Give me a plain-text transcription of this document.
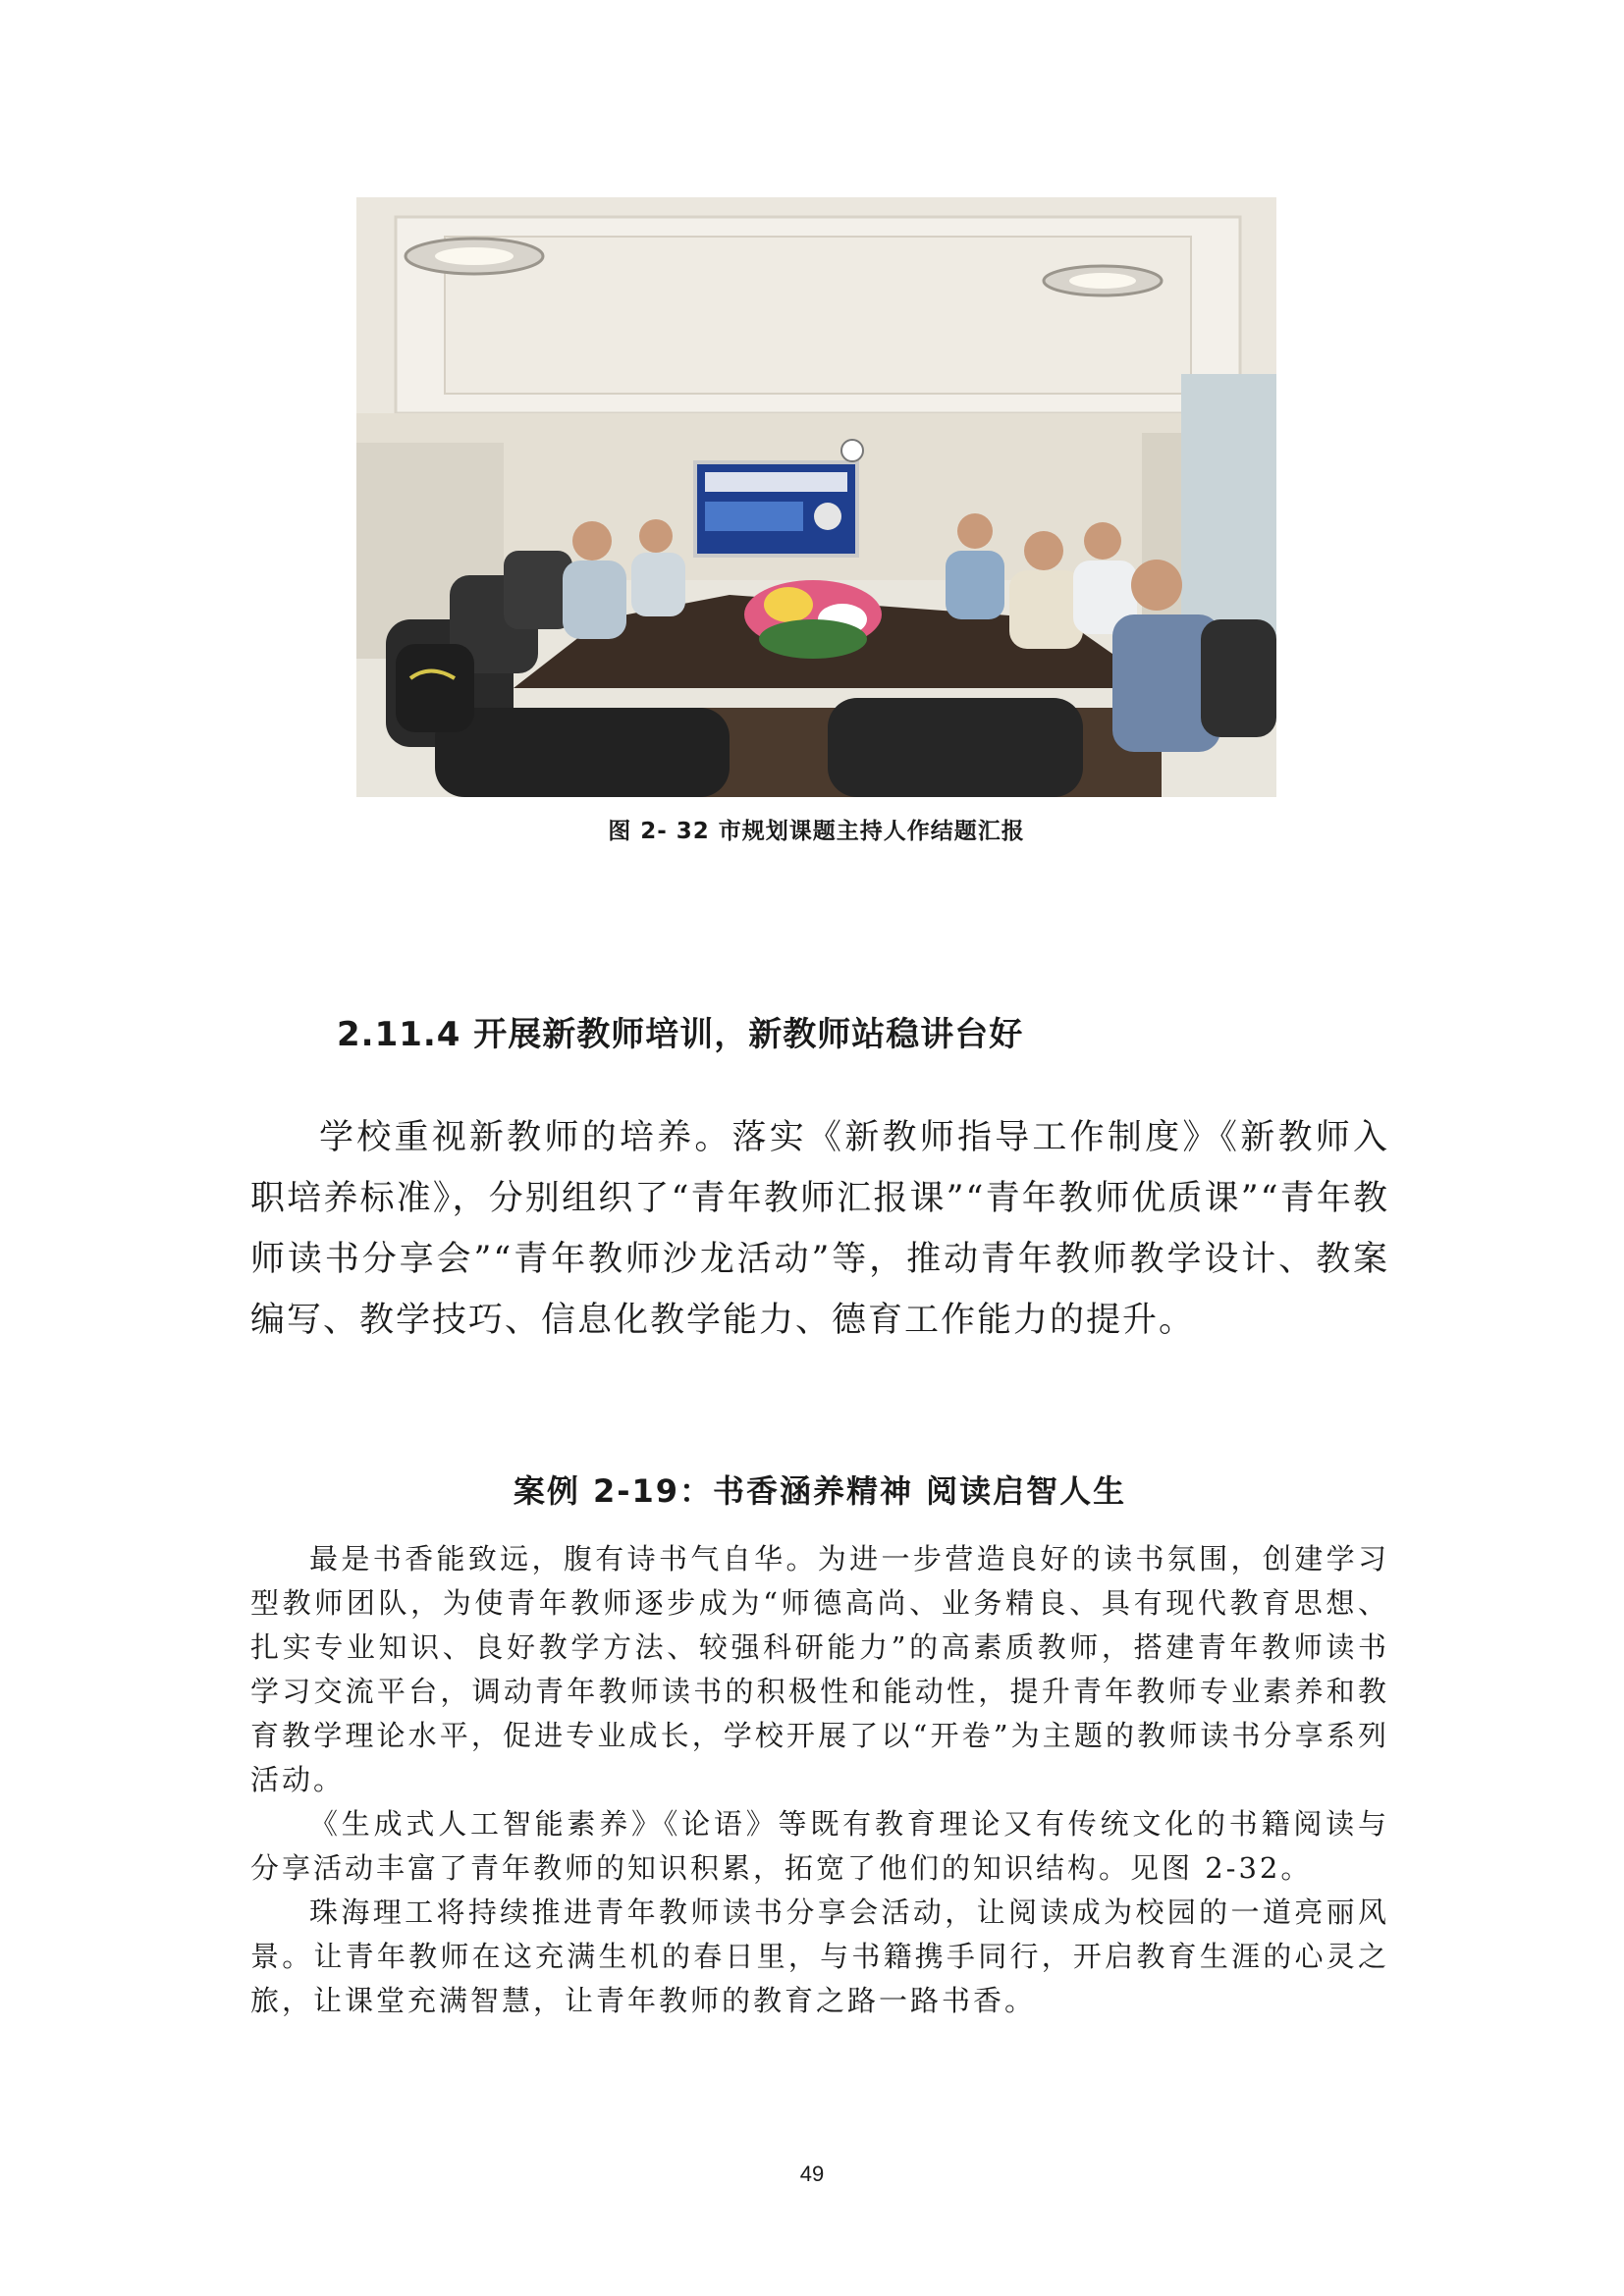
图 2- 32 市规划课题主持人作结题汇报
2.11.4 开展新教师培训，新教师站稳讲台好
学校重视新教师的培养。落实《新教师指导工作制度》《新教师入职培养标准》，分别组织了“青年教师汇报课”“青年教师优质课”“青年教师读书分享会”“青年教师沙龙活动”等，推动青年教师教学设计、教案编写、教学技巧、信息化教学能力、德育工作能力的提升。
案例 2-19：书香涵养精神 阅读启智人生

最是书香能致远，腹有诗书气自华。为进一步营造良好的读书氛围，创建学习型教师团队，为使青年教师逐步成为“师德高尚、业务精良、具有现代教育思想、扎实专业知识、良好教学方法、较强科研能力”的高素质教师，搭建青年教师读书学习交流平台，调动青年教师读书的积极性和能动性，提升青年教师专业素养和教育教学理论水平，促进专业成长，学校开展了以“开卷”为主题的教师读书分享系列活动。

《生成式人工智能素养》《论语》等既有教育理论又有传统文化的书籍阅读与分享活动丰富了青年教师的知识积累，拓宽了他们的知识结构。见图 2-32。

珠海理工将持续推进青年教师读书分享会活动，让阅读成为校园的一道亮丽风景。让青年教师在这充满生机的春日里，与书籍携手同行，开启教育生涯的心灵之旅，让课堂充满智慧，让青年教师的教育之路一路书香。

49
